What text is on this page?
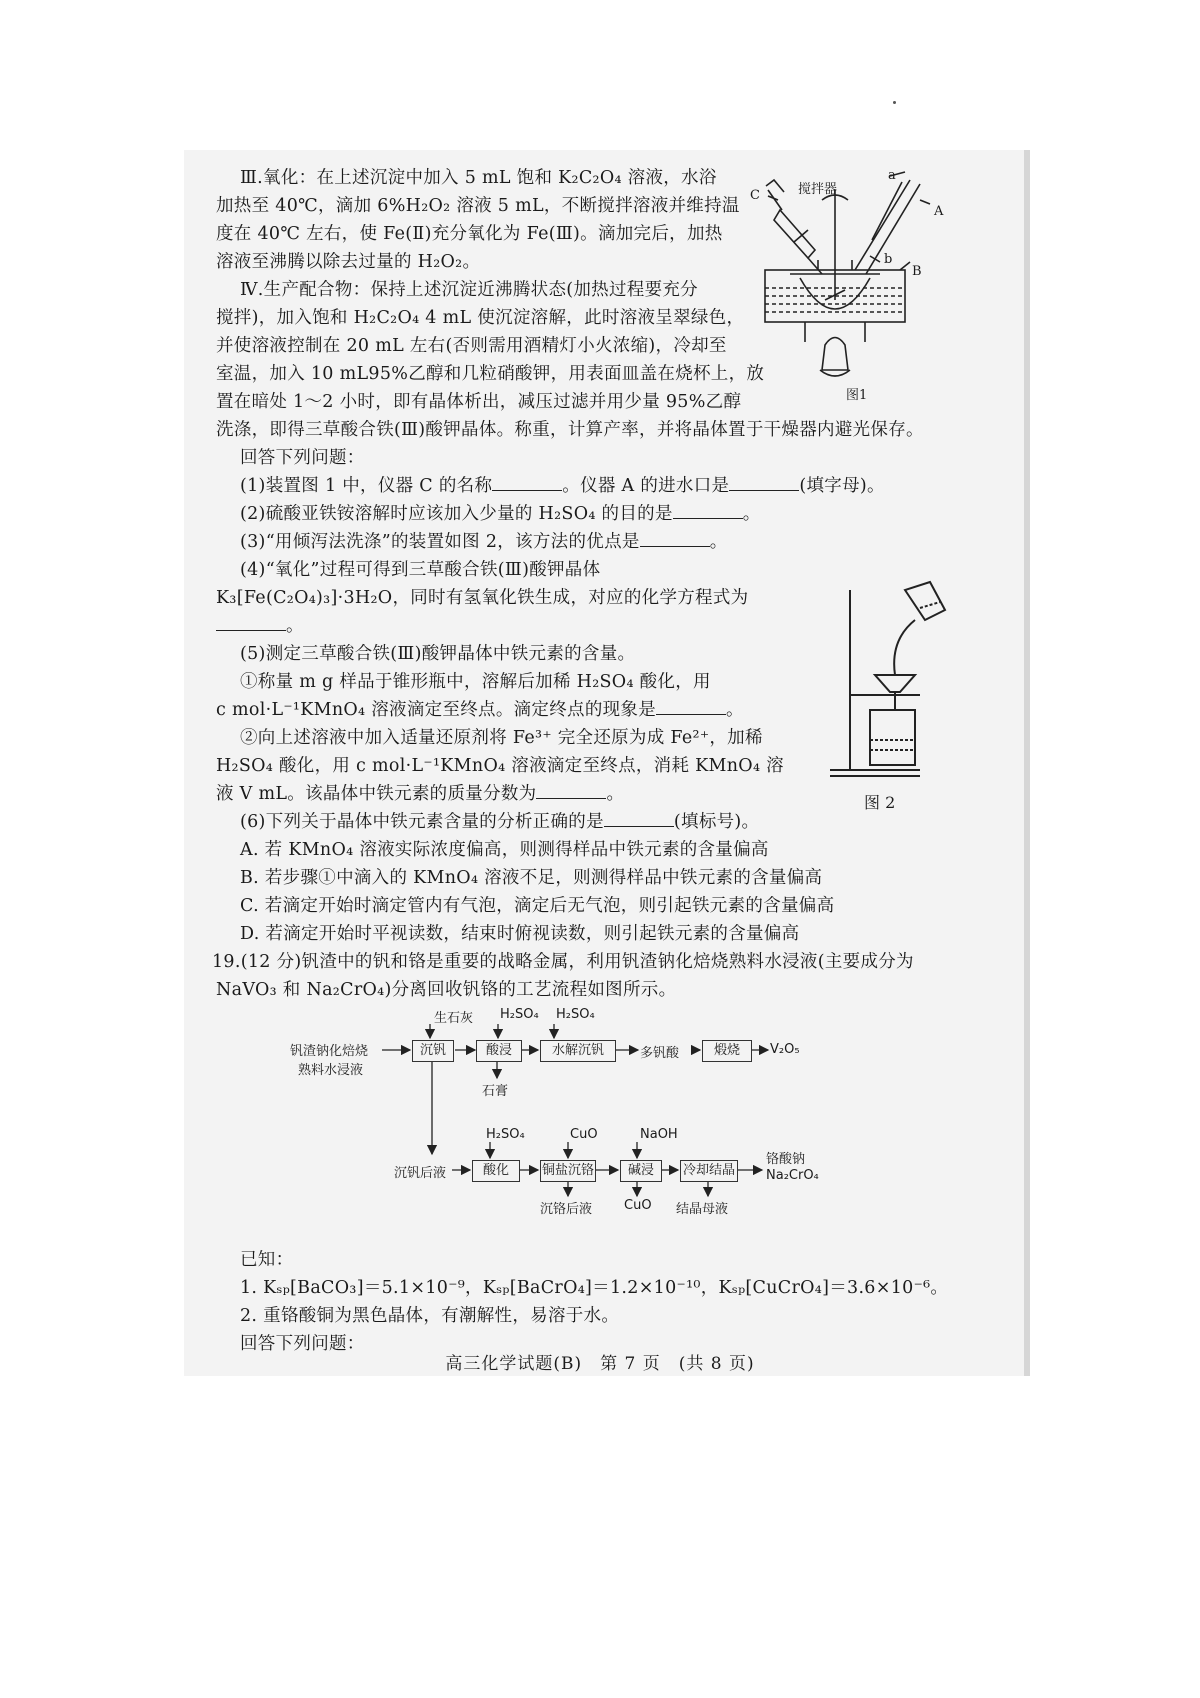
Ⅲ.氧化：在上述沉淀中加入 5 mL 饱和 K₂C₂O₄ 溶液，水浴
加热至 40℃，滴加 6%H₂O₂ 溶液 5 mL，不断搅拌溶液并维持温
度在 40℃ 左右，使 Fe(Ⅱ)充分氧化为 Fe(Ⅲ)。滴加完后，加热
溶液至沸腾以除去过量的 H₂O₂。
Ⅳ.生产配合物：保持上述沉淀近沸腾状态(加热过程要充分
搅拌)，加入饱和 H₂C₂O₄ 4 mL 使沉淀溶解，此时溶液呈翠绿色，
并使溶液控制在 20 mL 左右(否则需用酒精灯小火浓缩)，冷却至
室温，加入 10 mL95%乙醇和几粒硝酸钾，用表面皿盖在烧杯上，放
置在暗处 1～2 小时，即有晶体析出，减压过滤并用少量 95%乙醇
洗涤，即得三草酸合铁(Ⅲ)酸钾晶体。称重，计算产率，并将晶体置于干燥器内避光保存。
回答下列问题：
(1)装置图 1 中，仪器 C 的名称	。仪器 A 的进水口是	(填字母)。
(2)硫酸亚铁铵溶解时应该加入少量的 H₂SO₄ 的目的是	。
(3)“用倾泻法洗涤”的装置如图 2，该方法的优点是	。
(4)“氧化”过程可得到三草酸合铁(Ⅲ)酸钾晶体
K₃[Fe(C₂O₄)₃]·3H₂O，同时有氢氧化铁生成，对应的化学方程式为
。
(5)测定三草酸合铁(Ⅲ)酸钾晶体中铁元素的含量。
①称量 m g 样品于锥形瓶中，溶解后加稀 H₂SO₄ 酸化，用
c mol·L⁻¹KMnO₄ 溶液滴定至终点。滴定终点的现象是	。
②向上述溶液中加入适量还原剂将 Fe³⁺ 完全还原为成 Fe²⁺，加稀
H₂SO₄ 酸化，用 c mol·L⁻¹KMnO₄ 溶液滴定至终点，消耗 KMnO₄ 溶
液 V mL。该晶体中铁元素的质量分数为	。
(6)下列关于晶体中铁元素含量的分析正确的是	(填标号)。
A. 若 KMnO₄ 溶液实际浓度偏高，则测得样品中铁元素的含量偏高
B. 若步骤①中滴入的 KMnO₄ 溶液不足，则测得样品中铁元素的含量偏高
C. 若滴定开始时滴定管内有气泡，滴定后无气泡，则引起铁元素的含量偏高
D. 若滴定开始时平视读数，结束时俯视读数，则引起铁元素的含量偏高
19.(12 分)钒渣中的钒和铬是重要的战略金属，利用钒渣钠化焙烧熟料水浸液(主要成分为
NaVO₃ 和 Na₂CrO₄)分离回收钒铬的工艺流程如图所示。
C	搅拌器
a
A
b
B
图1
图 2
钒渣钠化焙烧
熟料水浸液
生石灰 H₂SO₄ H₂SO₄
沉钒	酸浸	水解沉钒	多钒酸	煅烧	V₂O₅
石膏
沉钒后液
H₂SO₄	CuO	NaOH
酸化	铜盐沉铬	碱浸	冷却结晶
铬酸钠
Na₂CrO₄
沉铬后液 CuO 结晶母液
已知：
1. Kₛₚ[BaCO₃]＝5.1×10⁻⁹，Kₛₚ[BaCrO₄]＝1.2×10⁻¹⁰，Kₛₚ[CuCrO₄]＝3.6×10⁻⁶。
2. 重铬酸铜为黑色晶体，有潮解性，易溶于水。
回答下列问题：
高三化学试题(B)　第 7 页　(共 8 页)
